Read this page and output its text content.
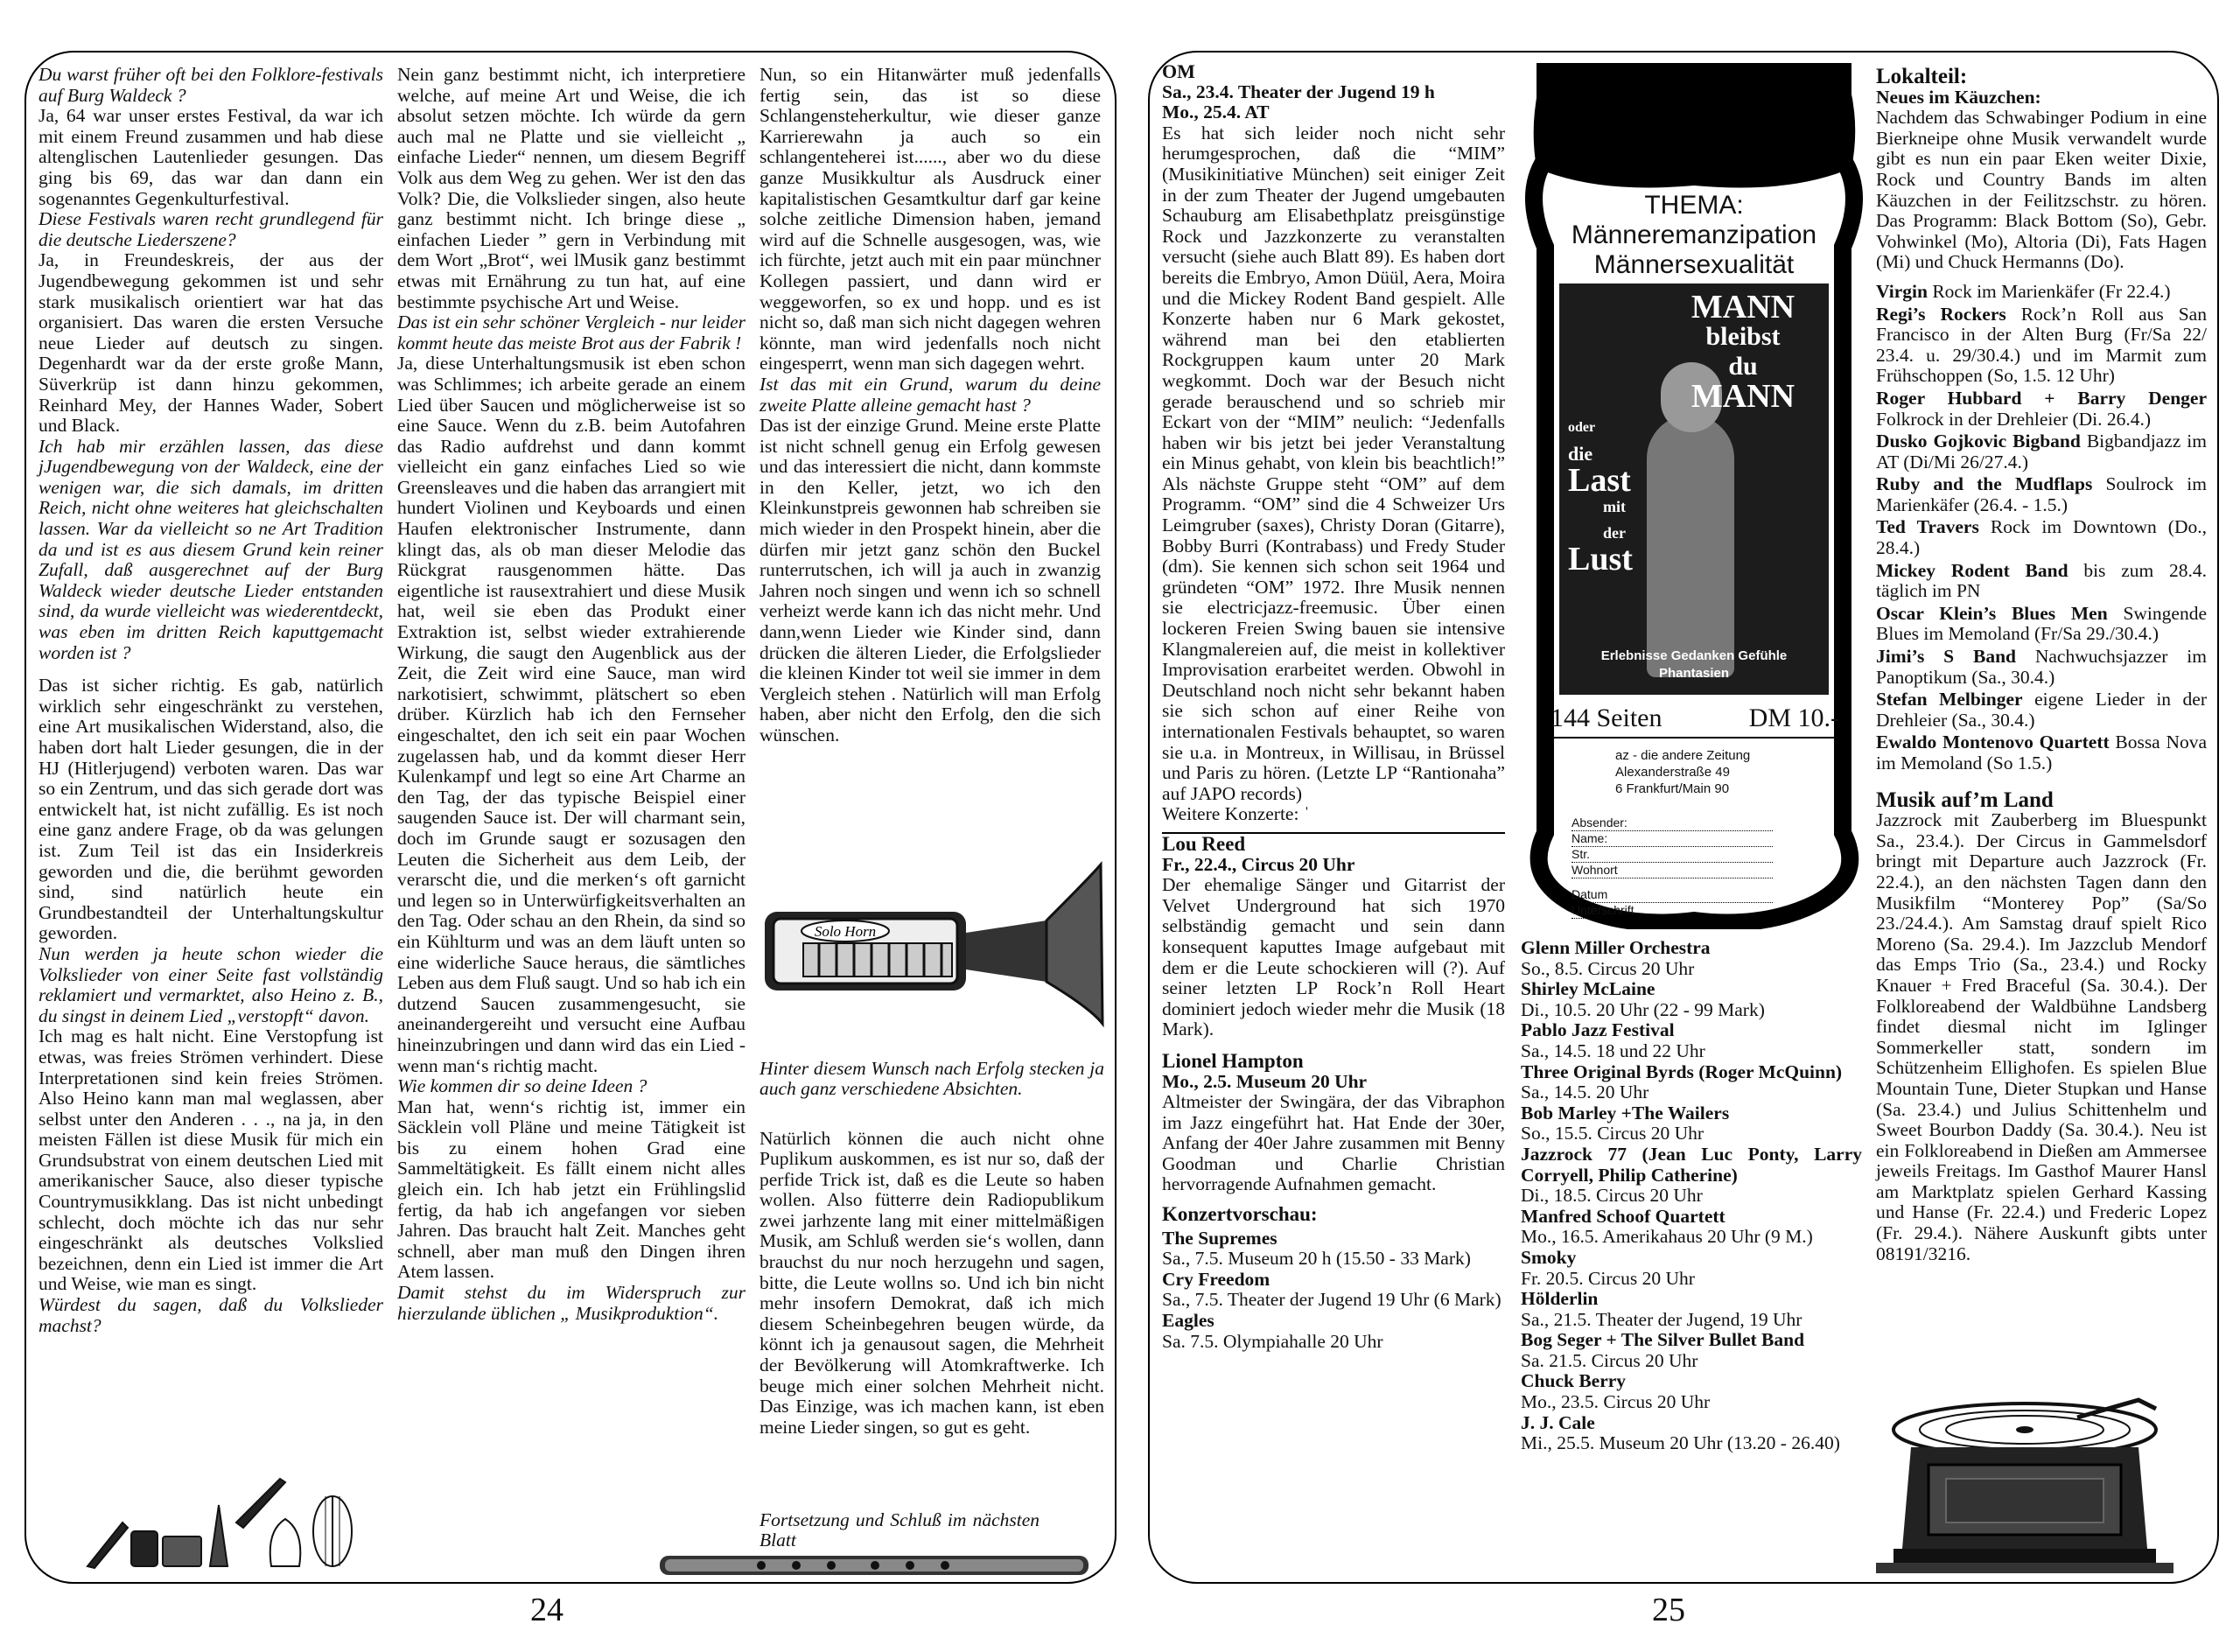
Du warst früher oft bei den Folklore-festivals auf Burg Waldeck ?

Ja, 64 war unser erstes Festival, da war ich mit einem Freund zusammen und hab diese altenglischen Lautenlieder gesungen. Das ging bis 69, das war dan dann ein sogenanntes Gegenkulturfestival.

Diese Festivals waren recht grundlegend für die deutsche Liederszene?

Ja, in Freundeskreis, der aus der Jugendbewegung gekommen ist und sehr stark musikalisch orientiert war hat das organisiert. Das waren die ersten Versuche neue Lieder auf deutsch zu singen. Degenhardt war da der erste große Mann, Süverkrüp ist dann hinzu gekommen, Reinhard Mey, der Hannes Wader, Sobert und Black.

Ich hab mir erzählen lassen, das diese jJugendbewegung von der Waldeck, eine der wenigen war, die sich damals, im dritten Reich, nicht ohne weiteres hat gleichschalten lassen. War da vielleicht so ne Art Tradition da und ist es aus diesem Grund kein reiner Zufall, daß ausgerechnet auf der Burg Waldeck wieder deutsche Lieder entstanden sind, da wurde vielleicht was wiederentdeckt, was eben im dritten Reich kaputtgemacht worden ist ?

Das ist sicher richtig. Es gab, natürlich wirklich sehr eingeschränkt zu verstehen, eine Art musikalischen Widerstand, also, die haben dort halt Lieder gesungen, die in der HJ (Hitlerjugend) verboten waren. Das war so ein Zentrum, und das sich gerade dort was entwickelt hat, ist nicht zufällig. Es ist noch eine ganz andere Frage, ob da was gelungen ist. Zum Teil ist das ein Insiderkreis geworden und die, die berühmt geworden sind, sind natürlich heute ein Grundbestandteil der Unterhaltungskultur geworden.

Nun werden ja heute schon wieder die Volkslieder von einer Seite fast vollständig reklamiert und vermarktet, also Heino z. B., du singst in deinem Lied „verstopft“ davon.

Ich mag es halt nicht. Eine Verstopfung ist etwas, was freies Strömen verhindert. Diese Interpretationen sind kein freies Strömen. Also Heino kann man mal weglassen, aber selbst unter den Anderen . . ., na ja, in den meisten Fällen ist diese Musik für mich ein Grundsubstrat von einem deutschen Lied mit amerikanischer Sauce, also dieser typische Countrymusikklang. Das ist nicht unbedingt schlecht, doch möchte ich das nur sehr eingeschränkt als deutsches Volkslied bezeichnen, denn ein Lied ist immer die Art und Weise, wie man es singt.

Würdest du sagen, daß du Volkslieder machst?

Nein ganz bestimmt nicht, ich interpretiere welche, auf meine Art und Weise, die ich absolut setzen möchte. Ich würde da gern auch mal ne Platte und sie vielleicht „ einfache Lieder“ nennen, um diesem Begriff Volk aus dem Weg zu gehen. Wer ist den das Volk? Die, die Volkslieder singen, also heute ganz bestimmt nicht. Ich bringe diese „ einfachen Lieder ” gern in Verbindung mit dem Wort „Brot“, wei lMusik ganz bestimmt etwas mit Ernährung zu tun hat, auf eine bestimmte psychische Art und Weise.

Das ist ein sehr schöner Vergleich - nur leider kommt heute das meiste Brot aus der Fabrik !

Ja, diese Unterhaltungsmusik ist eben schon was Schlimmes; ich arbeite gerade an einem Lied über Saucen und möglicherweise ist so eine Sauce. Wenn du z.B. beim Autofahren das Radio aufdrehst und dann kommt vielleicht ein ganz einfaches Lied so wie Greensleaves und die haben das arrangiert mit hundert Violinen und Keyboards und einen Haufen elektronischer Instrumente, dann klingt das, als ob man dieser Melodie das Rückgrat rausgenommen hätte. Das eigentliche ist rausextrahiert und diese Musik hat, weil sie eben das Produkt einer Extraktion ist, selbst wieder extrahierende Wirkung, die saugt den Augenblick aus der Zeit, die Zeit wird eine Sauce, man wird narkotisiert, schwimmt, plätschert so eben drüber. Kürzlich hab ich den Fernseher eingeschaltet, den ich seit ein paar Wochen zugelassen hab, und da kommt dieser Herr Kulenkampf und legt so eine Art Charme an den Tag, der das typische Beispiel einer saugenden Sauce ist. Der will charmant sein, doch im Grunde saugt er sozusagen den Leuten die Sicherheit aus dem Leib, der verarscht die, und die merken‘s oft garnicht und legen so in Unterwürfigkeitsverhalten an den Tag. Oder schau an den Rhein, da sind so ein Kühlturm und was an dem läuft unten so eine widerliche Sauce heraus, die sämtliches Leben aus dem Fluß saugt. Und so hab ich ein dutzend Saucen zusammengesucht, sie aneinandergereiht und versucht eine Aufbau hineinzubringen und dann wird das ein Lied - wenn man‘s richtig macht.

Wie kommen dir so deine Ideen ?

Man hat, wenn‘s richtig ist, immer ein Säcklein voll Pläne und meine Tätigkeit ist bis zu einem hohen Grad eine Sammeltätigkeit. Es fällt einem nicht alles gleich ein. Ich hab jetzt ein Frühlingslid fertig, da hab ich angefangen vor sieben Jahren. Das braucht halt Zeit. Manches geht schnell, aber man muß den Dingen ihren Atem lassen.

Damit stehst du im Widerspruch zur hierzulande üblichen „ Musikproduktion“.

Nun, so ein Hitanwärter muß jedenfalls fertig sein, das ist so diese Schlangensteherkultur, wie dieser ganze Karrierewahn ja auch so ein schlangenteherei ist......, aber wo du diese ganze Musikkultur als Ausdruck einer kapitalistischen Gesamtkultur darf gar keine solche zeitliche Dimension haben, jemand wird auf die Schnelle ausgesogen, was, wie ich fürchte, jetzt auch mit ein paar münchner Kollegen passiert, und dann wird er weggeworfen, so ex und hopp. und es ist nicht so, daß man sich nicht dagegen wehren könnte, man wird jedenfalls noch nicht eingesperrt, wenn man sich dagegen wehrt.

Ist das mit ein Grund, warum du deine zweite Platte alleine gemacht hast ?

Das ist der einzige Grund. Meine erste Platte ist nicht schnell genug ein Erfolg gewesen und das interessiert die nicht, dann kommste in den Keller, jetzt, wo ich den Kleinkunstpreis gewonnen hab schreiben sie mich wieder in den Prospekt hinein, aber die dürfen mir jetzt ganz schön den Buckel runterrutschen, ich will ja auch in zwanzig Jahren noch singen und wenn ich so schnell verheizt werde kann ich das nicht mehr. Und dann,wenn Lieder wie Kinder sind, dann drücken die älteren Lieder, die Erfolgslieder die kleinen Kinder tot weil sie immer in dem Vergleich stehen . Natürlich will man Erfolg haben, aber nicht den Erfolg, den die sich wünschen.

Solo Horn

Hinter diesem Wunsch nach Erfolg stecken ja auch ganz verschiedene Absichten.

Natürlich können die auch nicht ohne Puplikum auskommen, es ist nur so, daß der perfide Trick ist, daß es die Leute so haben wollen. Also fütterre dein Radiopublikum zwei jarhzente lang mit einer mittelmäßigen Musik, am Schluß werden sie‘s wollen, dann brauchst du nur noch herzugehn und sagen, bitte, die Leute wollns so. Und ich bin nicht mehr insofern Demokrat, daß ich mich diesem Scheinbegehren beugen würde, da könnt ich ja genausout sagen, die Mehrheit der Bevölkerung will Atomkraftwerke. Ich beuge mich einer solchen Mehrheit nicht. Das Einzige, was ich machen kann, ist eben meine Lieder singen, so gut es geht.

Fortsetzung und Schluß im nächsten Blatt

24

OM

Sa., 23.4. Theater der Jugend 19 h

Mo., 25.4. AT

Es hat sich leider noch nicht sehr herumgesprochen, daß die “MIM” (Musikinitiative München) seit einiger Zeit in der zum Theater der Jugend umgebauten Schauburg am Elisabethplatz preisgünstige Rock und Jazzkonzerte zu veranstalten versucht (siehe auch Blatt 89). Es haben dort bereits die Embryo, Amon Düül, Aera, Moira und die Mickey Rodent Band gespielt. Alle Konzerte haben nur 6 Mark gekostet, während man bei den etablierten Rockgruppen kaum unter 20 Mark wegkommt. Doch war der Besuch nicht gerade berauschend und so schrieb mir Eckart von der “MIM” neulich: “Jedenfalls haben wir bis jetzt bei jeder Veranstaltung ein Minus gehabt, von klein bis beachtlich!” Als nächste Gruppe steht “OM” auf dem Programm. “OM” sind die 4 Schweizer Urs Leimgruber (saxes), Christy Doran (Gitarre), Bobby Burri (Kontrabass) und Fredy Studer (dm). Sie kennen sich schon seit 1964 und gründeten “OM” 1972. Ihre Musik nennen sie electricjazz-freemusic. Über einen lockeren Freien Swing bauen sie intensive Klangmalereien auf, die meist in kollektiver Improvisation erarbeitet werden. Obwohl in Deutschland noch nicht sehr bekannt haben sie sich schon auf einer Reihe von internationalen Festivals behauptet, so waren sie u.a. in Montreux, in Willisau, in Brüssel und Paris zu hören. (Letzte LP “Rantionaha” auf JAPO records)

Weitere Konzerte: ˈ

Lou Reed

Fr., 22.4., Circus 20 Uhr

Der ehemalige Sänger und Gitarrist der Velvet Underground hat sich 1970 selbständig gemacht und sein dann konsequent kaputtes Image aufgebaut mit dem er die Leute schockieren will (?). Auf seiner letzten LP Rock’n Roll Heart dominiert jedoch wieder mehr die Musik (18 Mark).

Lionel Hampton

Mo., 2.5. Museum 20 Uhr

Altmeister der Swingära, der das Vibraphon im Jazz eingeführt hat. Hat Ende der 30er, Anfang der 40er Jahre zusammen mit Benny Goodman und Charlie Christian hervorragende Aufnahmen gemacht.

Konzertvorschau:

The Supremes
Sa., 7.5. Museum 20 h (15.50 - 33 Mark)

Cry Freedom
Sa., 7.5. Theater der Jugend 19 Uhr (6 Mark)

Eagles
Sa. 7.5. Olympiahalle 20 Uhr

Glenn Miller Orchestra
So., 8.5. Circus 20 Uhr

Shirley McLaine
Di., 10.5. 20 Uhr (22 - 99 Mark)

Pablo Jazz Festival
Sa., 14.5. 18 und 22 Uhr

Three Original Byrds (Roger McQuinn)
Sa., 14.5. 20 Uhr

Bob Marley +The Wailers
So., 15.5. Circus 20 Uhr

Jazzrock 77 (Jean Luc Ponty, Larry Corryell, Philip Catherine)
Di., 18.5. Circus 20 Uhr

Manfred Schoof Quartett
Mo., 16.5. Amerikahaus 20 Uhr (9 M.)

Smoky
Fr. 20.5. Circus 20 Uhr

Hölderlin
Sa., 21.5. Theater der Jugend, 19 Uhr

Bog Seger + The Silver Bullet Band
Sa. 21.5. Circus 20 Uhr

Chuck Berry
Mo., 23.5. Circus 20 Uhr

J. J. Cale
Mi., 25.5. Museum 20 Uhr (13.20 - 26.40)

THEMA:
Männeremanzipation
Männersexualität
MANN
bleibst
du
MANN
oder
die
Last
mit
der
Lust
Erlebnisse Gedanken Gefühle
Phantasien
144 Seiten	DM 10.-
az - die andere Zeitung
Alexanderstraße 49
6 Frankfurt/Main 90
Absender:
Name:
Str.
Wohnort
Datum
Unterschrift

Lokalteil:

Neues im Käuzchen:

Nachdem das Schwabinger Podium in eine Bierkneipe ohne Musik verwandelt wurde gibt es nun ein paar Eken weiter Dixie, Rock und Country Bands im alten Käuzchen in der Feilitzschstr. zu hören. Das Programm: Black Bottom (So), Gebr. Vohwinkel (Mo), Altoria (Di), Fats Hagen (Mi) und Chuck Hermanns (Do).

Virgin Rock im Marienkäfer (Fr 22.4.)

Regi’s Rockers Rock’n Roll aus San Francisco in der Alten Burg (Fr/Sa 22/ 23.4. u. 29/30.4.) und im Marmit zum Frühschoppen (So, 1.5. 12 Uhr)

Roger Hubbard + Barry Denger Folkrock in der Drehleier (Di. 26.4.)

Dusko Gojkovic Bigband Bigbandjazz im AT (Di/Mi 26/27.4.)

Ruby and the Mudflaps Soulrock im Marienkäfer (26.4. - 1.5.)

Ted Travers Rock im Downtown (Do., 28.4.)

Mickey Rodent Band bis zum 28.4. täglich im PN

Oscar Klein’s Blues Men Swingende Blues im Memoland (Fr/Sa 29./30.4.)

Jimi’s S Band Nachwuchsjazzer im Panoptikum (Sa., 30.4.)

Stefan Melbinger eigene Lieder in der Drehleier (Sa., 30.4.)

Ewaldo Montenovo Quartett Bossa Nova im Memoland (So 1.5.)

Musik auf’m Land

Jazzrock mit Zauberberg im Bluespunkt Sa., 23.4.). Der Circus in Gammelsdorf bringt mit Departure auch Jazzrock (Fr. 22.4.), an den nächsten Tagen dann den Musikfilm “Monterey Pop” (Sa/So 23./24.4.). Am Samstag drauf spielt Rico Moreno (Sa. 29.4.). Im Jazzclub Mendorf das Emps Trio (Sa., 23.4.) und Rocky Knauer + Fred Braceful (Sa. 30.4.). Der Folkloreabend der Waldbühne Landsberg findet diesmal nicht im Iglinger Sommerkeller statt, sondern im Schützenheim Ellighofen. Es spielen Blue Mountain Tune, Dieter Stupkan und Hanse (Sa. 23.4.) und Julius Schittenhelm und Sweet Bourbon Daddy (Sa. 30.4.). Neu ist ein Folkloreabend in Dießen am Ammersee jeweils Freitags. Im Gasthof Maurer Hansl am Marktplatz spielen Gerhard Kassing und Hanse (Fr. 22.4.) und Frederic Lopez (Fr. 29.4.). Nähere Auskunft gibts unter 08191/3216.

25
